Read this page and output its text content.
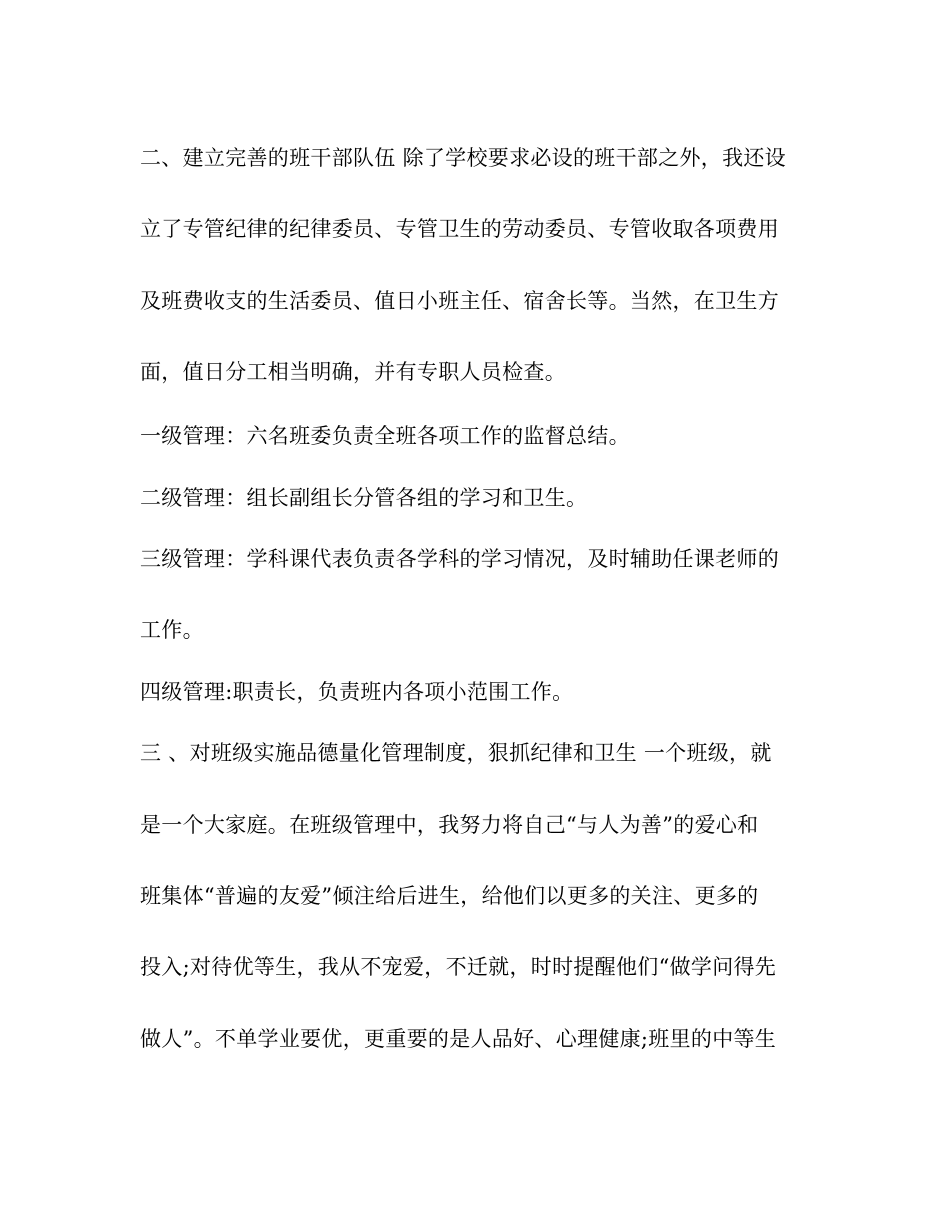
二、建立完善的班干部队伍 除了学校要求必设的班干部之外，我还设
立了专管纪律的纪律委员、专管卫生的劳动委员、专管收取各项费用
及班费收支的生活委员、值日小班主任、宿舍长等。当然，在卫生方
面，值日分工相当明确，并有专职人员检查。
一级管理：六名班委负责全班各项工作的监督总结。
二级管理：组长副组长分管各组的学习和卫生。
三级管理：学科课代表负责各学科的学习情况，及时辅助任课老师的
工作。
四级管理:职责长，负责班内各项小范围工作。
三 、对班级实施品德量化管理制度，狠抓纪律和卫生 一个班级，就
是一个大家庭。在班级管理中，我努力将自己“与人为善”的爱心和
班集体“普遍的友爱”倾注给后进生，给他们以更多的关注、更多的
投入;对待优等生，我从不宠爱，不迁就，时时提醒他们“做学问得先
做人”。不单学业要优，更重要的是人品好、心理健康;班里的中等生
